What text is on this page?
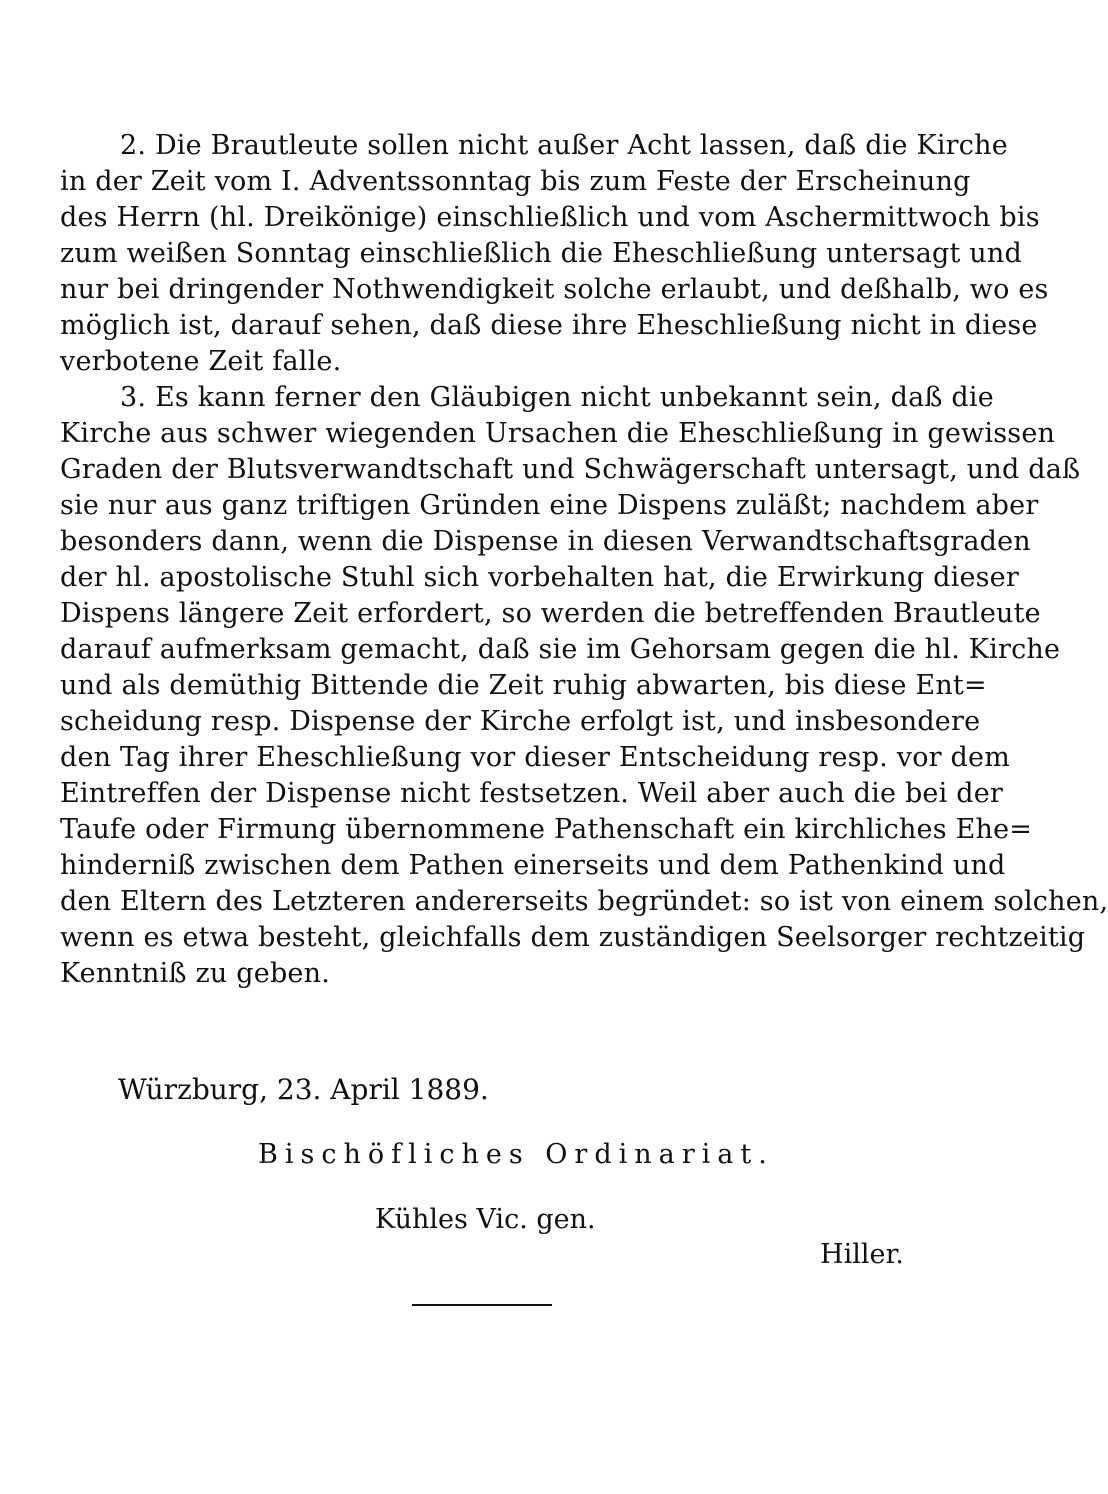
2. Die Brautleute sollen nicht außer Acht lassen, daß die Kirche
in der Zeit vom I. Adventssonntag bis zum Feste der Erscheinung
des Herrn (hl. Dreikönige) einschließlich und vom Aschermittwoch bis
zum weißen Sonntag einschließlich die Eheschließung untersagt und
nur bei dringender Nothwendigkeit solche erlaubt, und deßhalb, wo es
möglich ist, darauf sehen, daß diese ihre Eheschließung nicht in diese
verbotene Zeit falle.
3. Es kann ferner den Gläubigen nicht unbekannt sein, daß die
Kirche aus schwer wiegenden Ursachen die Eheschließung in gewissen
Graden der Blutsverwandtschaft und Schwägerschaft untersagt, und daß
sie nur aus ganz triftigen Gründen eine Dispens zuläßt; nachdem aber
besonders dann, wenn die Dispense in diesen Verwandtschaftsgraden
der hl. apostolische Stuhl sich vorbehalten hat, die Erwirkung dieser
Dispens längere Zeit erfordert, so werden die betreffenden Brautleute
darauf aufmerksam gemacht, daß sie im Gehorsam gegen die hl. Kirche
und als demüthig Bittende die Zeit ruhig abwarten, bis diese Ent=
scheidung resp. Dispense der Kirche erfolgt ist, und insbesondere
den Tag ihrer Eheschließung vor dieser Entscheidung resp. vor dem
Eintreffen der Dispense nicht festsetzen. Weil aber auch die bei der
Taufe oder Firmung übernommene Pathenschaft ein kirchliches Ehe=
hinderniß zwischen dem Pathen einerseits und dem Pathenkind und
den Eltern des Letzteren andererseits begründet: so ist von einem solchen,
wenn es etwa besteht, gleichfalls dem zuständigen Seelsorger rechtzeitig
Kenntniß zu geben.
Würzburg, 23. April 1889.
Bischöfliches Ordinariat.
Kühles Vic. gen.
Hiller.
